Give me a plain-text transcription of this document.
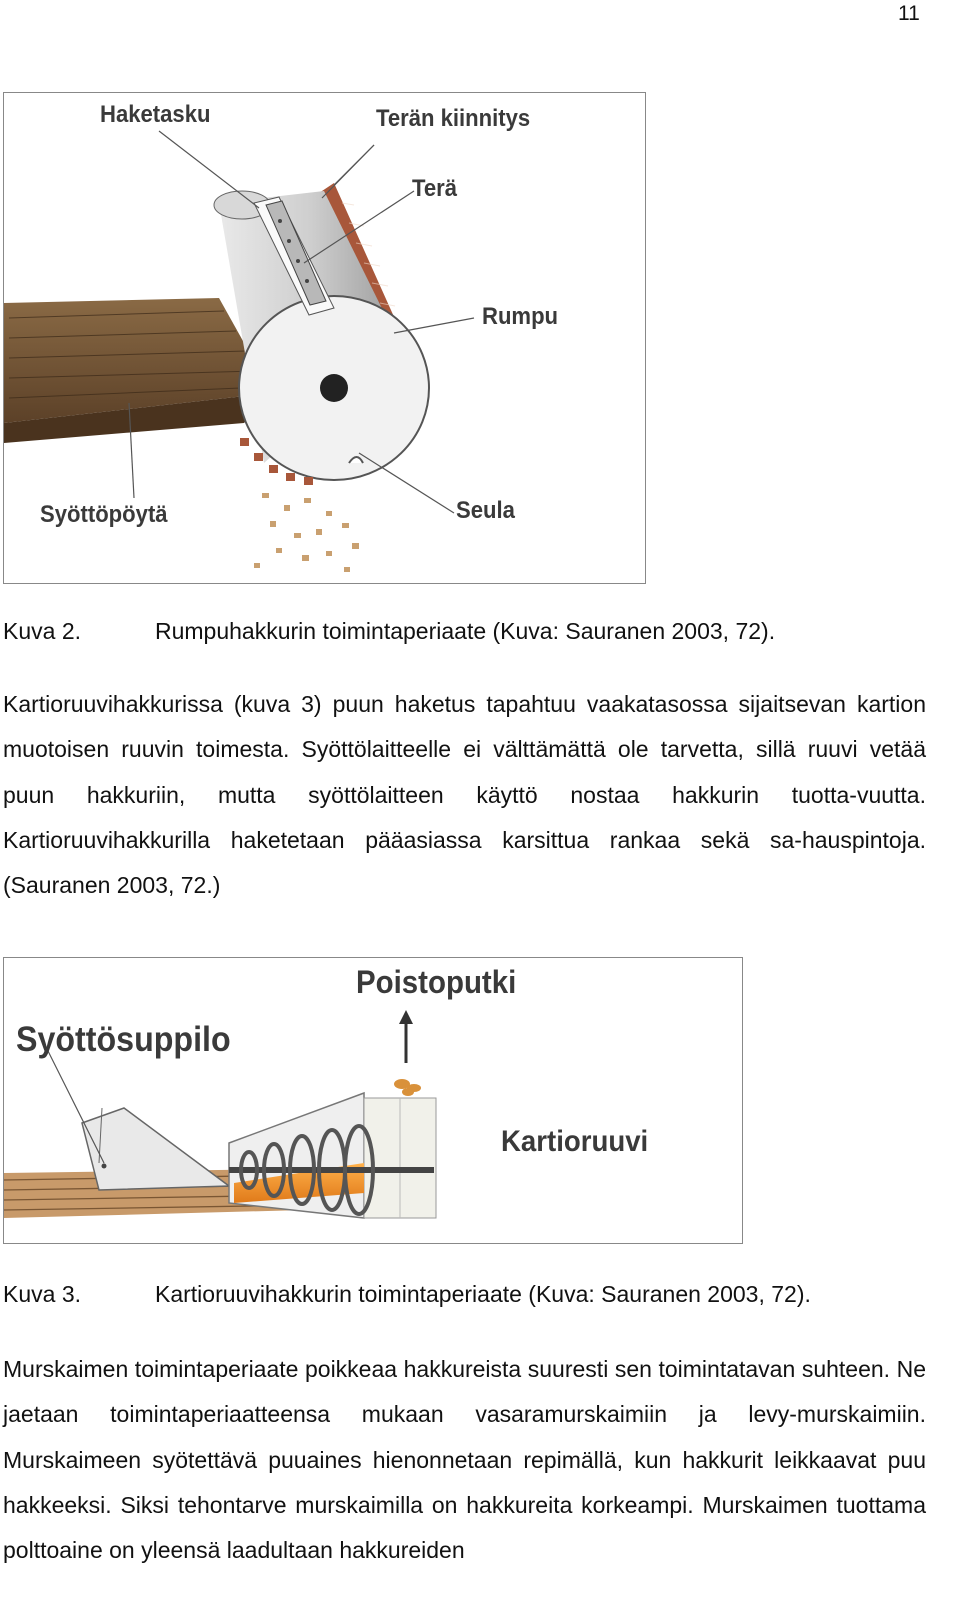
11
Haketasku	Terän kiinnitys
Terä
Rumpu
Syöttöpöytä	Seula
Kuva 2.	Rumpuhakkurin toimintaperiaate (Kuva: Sauranen 2003, 72).

Kartioruuvihakkurissa (kuva 3) puun haketus tapahtuu vaakatasossa sijaitsevan kartion muotoisen ruuvin toimesta. Syöttölaitteelle ei välttämättä ole tarvetta, sillä ruuvi vetää puun hakkuriin, mutta syöttölaitteen käyttö nostaa hakkurin tuotta-vuutta. Kartioruuvihakkurilla haketetaan pääasiassa karsittua rankaa sekä sa-hauspintoja. (Sauranen 2003, 72.)

Poistoputki
Syöttösuppilo
Kartioruuvi
Kuva 3.	Kartioruuvihakkurin toimintaperiaate (Kuva: Sauranen 2003, 72).

Murskaimen toimintaperiaate poikkeaa hakkureista suuresti sen toimintatavan suhteen. Ne jaetaan toimintaperiaatteensa mukaan vasaramurskaimiin ja levy-murskaimiin. Murskaimeen syötettävä puuaines hienonnetaan repimällä, kun hakkurit leikkaavat puu hakkeeksi. Siksi tehontarve murskaimilla on hakkureita korkeampi. Murskaimen tuottama polttoaine on yleensä laadultaan hakkureiden
